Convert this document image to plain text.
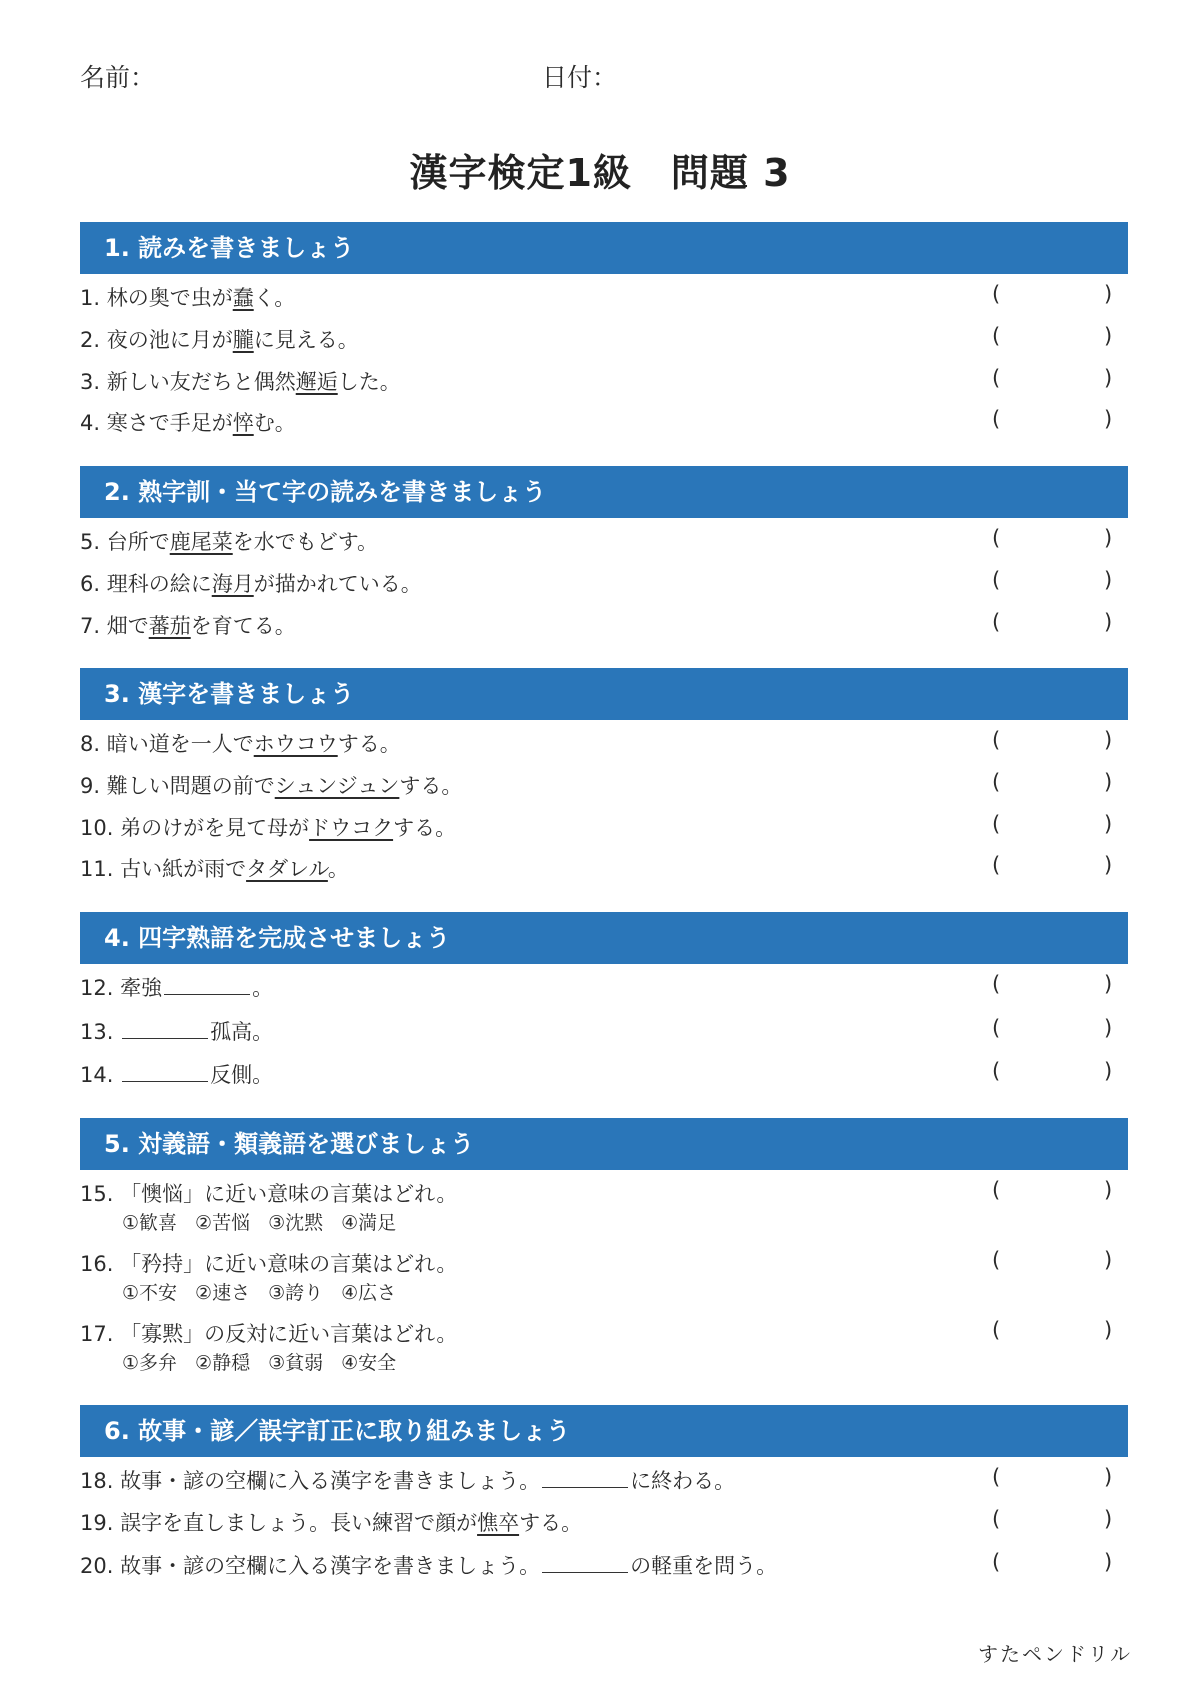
名前：	日付：
漢字検定1級　問題 3
1. 読みを書きましょう
1. 林の奥で虫が蠢く。	(	)
2. 夜の池に月が朧に見える。	(	)
3. 新しい友だちと偶然邂逅した。	(	)
4. 寒さで手足が悴む。	(	)
2. 熟字訓・当て字の読みを書きましょう
5. 台所で鹿尾菜を水でもどす。	(	)
6. 理科の絵に海月が描かれている。	(	)
7. 畑で蕃茄を育てる。	(	)
3. 漢字を書きましょう
8. 暗い道を一人でホウコウする。	(	)
9. 難しい問題の前でシュンジュンする。	(	)
10. 弟のけがを見て母がドウコクする。	(	)
11. 古い紙が雨でタダレル。	(	)
4. 四字熟語を完成させましょう
12. 牽強	。	(	)
13.	孤高。	(	)
14.	反側。	(	)
5. 対義語・類義語を選びましょう
15. 「懊悩」に近い意味の言葉はどれ。	(	)
①歓喜 ②苦悩 ③沈黙 ④満足
16. 「矜持」に近い意味の言葉はどれ。	(	)
①不安 ②速さ ③誇り ④広さ
17. 「寡黙」の反対に近い言葉はどれ。	(	)
①多弁 ②静穏 ③貧弱 ④安全
6. 故事・諺／誤字訂正に取り組みましょう
18. 故事・諺の空欄に入る漢字を書きましょう。	に終わる。	(	)
19. 誤字を直しましょう。長い練習で顔が憔卒する。	(	)
20. 故事・諺の空欄に入る漢字を書きましょう。	の軽重を問う。	(	)
すたペンドリル
